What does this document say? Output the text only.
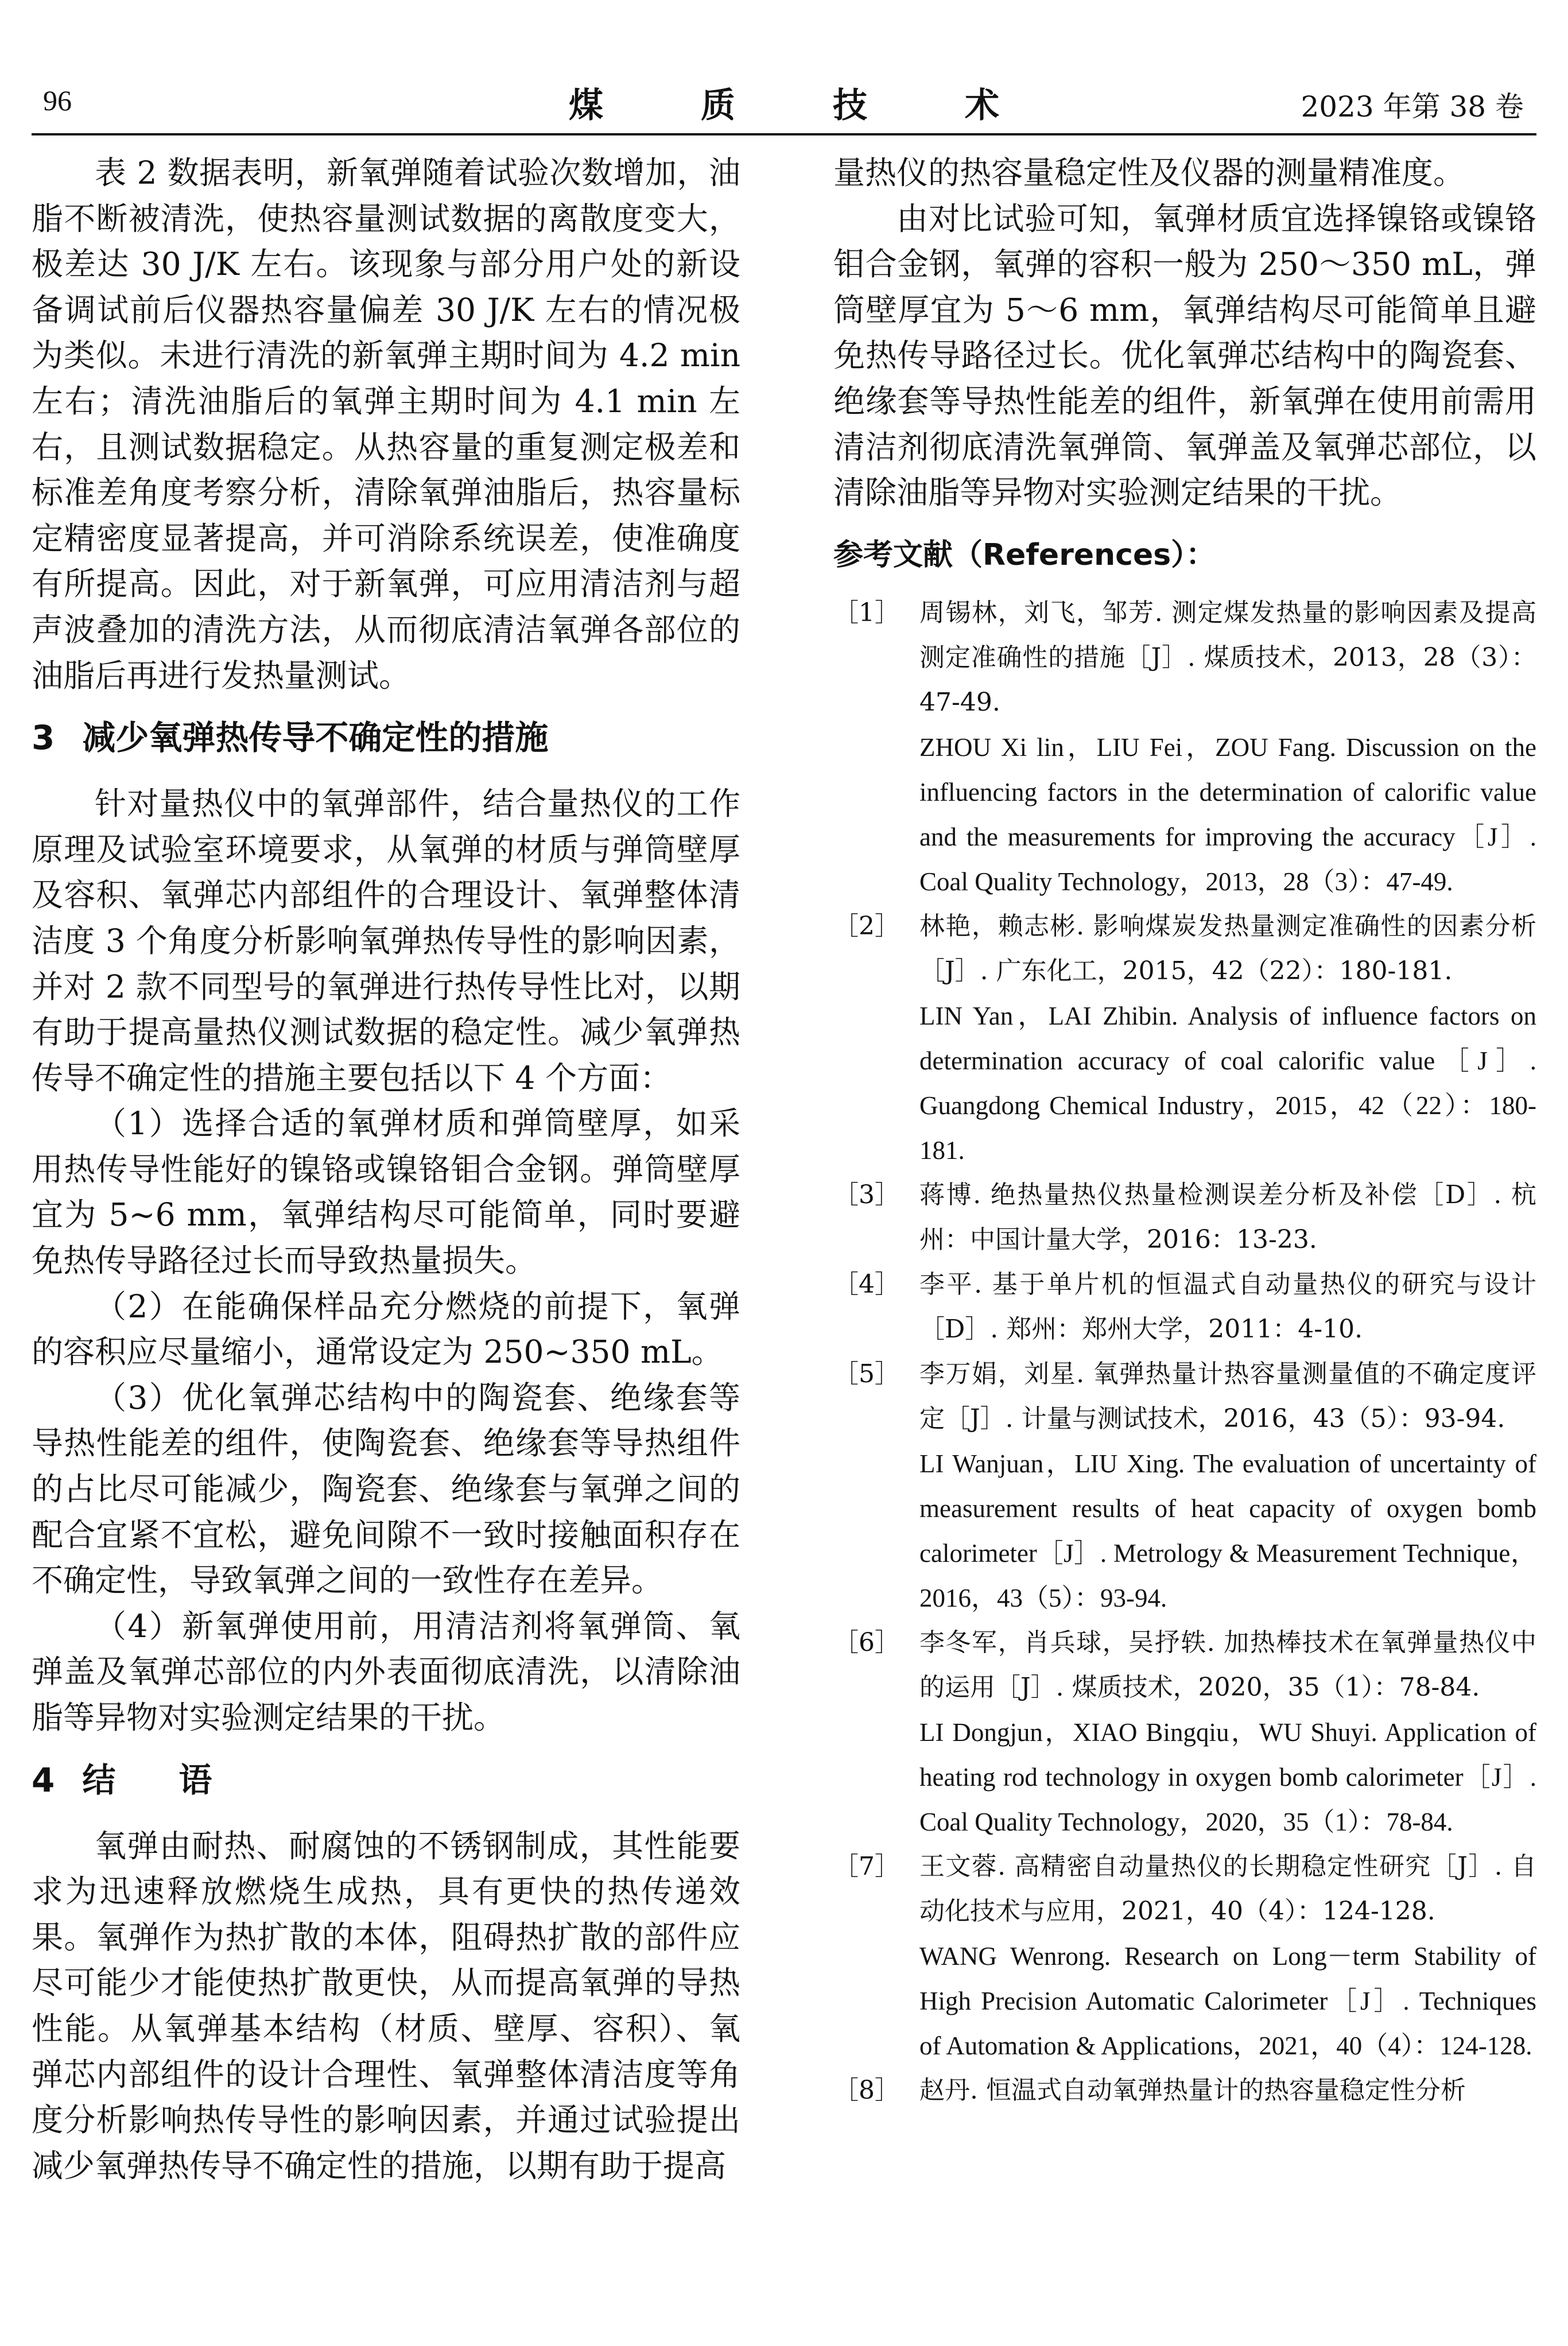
96	煤质技术	2023 年第 38 卷

表 2 数据表明，新氧弹随着试验次数增加，油脂不断被清洗，使热容量测试数据的离散度变大，极差达 30 J/K 左右。该现象与部分用户处的新设备调试前后仪器热容量偏差 30 J/K 左右的情况极为类似。未进行清洗的新氧弹主期时间为 4.2 min 左右；清洗油脂后的氧弹主期时间为 4.1 min 左右，且测试数据稳定。从热容量的重复测定极差和标准差角度考察分析，清除氧弹油脂后，热容量标定精密度显著提高，并可消除系统误差，使准确度有所提高。因此，对于新氧弹，可应用清洁剂与超声波叠加的清洗方法，从而彻底清洁氧弹各部位的油脂后再进行发热量测试。

3 减少氧弹热传导不确定性的措施

针对量热仪中的氧弹部件，结合量热仪的工作原理及试验室环境要求，从氧弹的材质与弹筒壁厚及容积、氧弹芯内部组件的合理设计、氧弹整体清洁度 3 个角度分析影响氧弹热传导性的影响因素，并对 2 款不同型号的氧弹进行热传导性比对，以期有助于提高量热仪测试数据的稳定性。减少氧弹热传导不确定性的措施主要包括以下 4 个方面：

（1）选择合适的氧弹材质和弹筒壁厚，如采用热传导性能好的镍铬或镍铬钼合金钢。弹筒壁厚宜为 5~6 mm，氧弹结构尽可能简单，同时要避免热传导路径过长而导致热量损失。

（2）在能确保样品充分燃烧的前提下，氧弹的容积应尽量缩小，通常设定为 250~350 mL。

（3）优化氧弹芯结构中的陶瓷套、绝缘套等导热性能差的组件，使陶瓷套、绝缘套等导热组件的占比尽可能减少，陶瓷套、绝缘套与氧弹之间的配合宜紧不宜松，避免间隙不一致时接触面积存在不确定性，导致氧弹之间的一致性存在差异。

（4）新氧弹使用前，用清洁剂将氧弹筒、氧弹盖及氧弹芯部位的内外表面彻底清洗，以清除油脂等异物对实验测定结果的干扰。

4 结语

氧弹由耐热、耐腐蚀的不锈钢制成，其性能要求为迅速释放燃烧生成热，具有更快的热传递效果。氧弹作为热扩散的本体，阻碍热扩散的部件应尽可能少才能使热扩散更快，从而提高氧弹的导热性能。从氧弹基本结构（材质、壁厚、容积）、氧弹芯内部组件的设计合理性、氧弹整体清洁度等角度分析影响热传导性的影响因素，并通过试验提出减少氧弹热传导不确定性的措施，以期有助于提高

量热仪的热容量稳定性及仪器的测量精准度。

由对比试验可知，氧弹材质宜选择镍铬或镍铬钼合金钢，氧弹的容积一般为 250～350 mL，弹筒壁厚宜为 5～6 mm，氧弹结构尽可能简单且避免热传导路径过长。优化氧弹芯结构中的陶瓷套、绝缘套等导热性能差的组件，新氧弹在使用前需用清洁剂彻底清洗氧弹筒、氧弹盖及氧弹芯部位，以清除油脂等异物对实验测定结果的干扰。

参考文献（References）：
［1］ 周锡林，刘飞，邹芳. 测定煤发热量的影响因素及提高测定准确性的措施［J］. 煤质技术，2013，28（3）：47-49.
ZHOU Xi lin，LIU Fei，ZOU Fang. Discussion on the influencing factors in the determination of calorific value and the measurements for improving the accuracy［J］. Coal Quality Technology，2013，28（3）：47-49.
［2］ 林艳，赖志彬. 影响煤炭发热量测定准确性的因素分析［J］. 广东化工，2015，42（22）：180-181.
LIN Yan，LAI Zhibin. Analysis of influence factors on determination accuracy of coal calorific value［J］. Guangdong Chemical Industry，2015，42（22）：180-181.
［3］ 蒋博. 绝热量热仪热量检测误差分析及补偿［D］. 杭州：中国计量大学，2016：13-23.
［4］ 李平. 基于单片机的恒温式自动量热仪的研究与设计［D］. 郑州：郑州大学，2011：4-10.
［5］ 李万娟，刘星. 氧弹热量计热容量测量值的不确定度评定［J］. 计量与测试技术，2016，43（5）：93-94.
LI Wanjuan，LIU Xing. The evaluation of uncertainty of measurement results of heat capacity of oxygen bomb calorimeter［J］. Metrology & Measurement Technique，2016，43（5）：93-94.
［6］ 李冬军，肖兵球，吴抒轶. 加热棒技术在氧弹量热仪中的运用［J］. 煤质技术，2020，35（1）：78-84.
LI Dongjun，XIAO Bingqiu，WU Shuyi. Application of heating rod technology in oxygen bomb calorimeter［J］. Coal Quality Technology，2020，35（1）：78-84.
［7］ 王文蓉. 高精密自动量热仪的长期稳定性研究［J］. 自动化技术与应用，2021，40（4）：124-128.
WANG Wenrong. Research on Long－term Stability of High Precision Automatic Calorimeter［J］. Techniques of Automation & Applications，2021，40（4）：124-128.
［8］ 赵丹. 恒温式自动氧弹热量计的热容量稳定性分析
